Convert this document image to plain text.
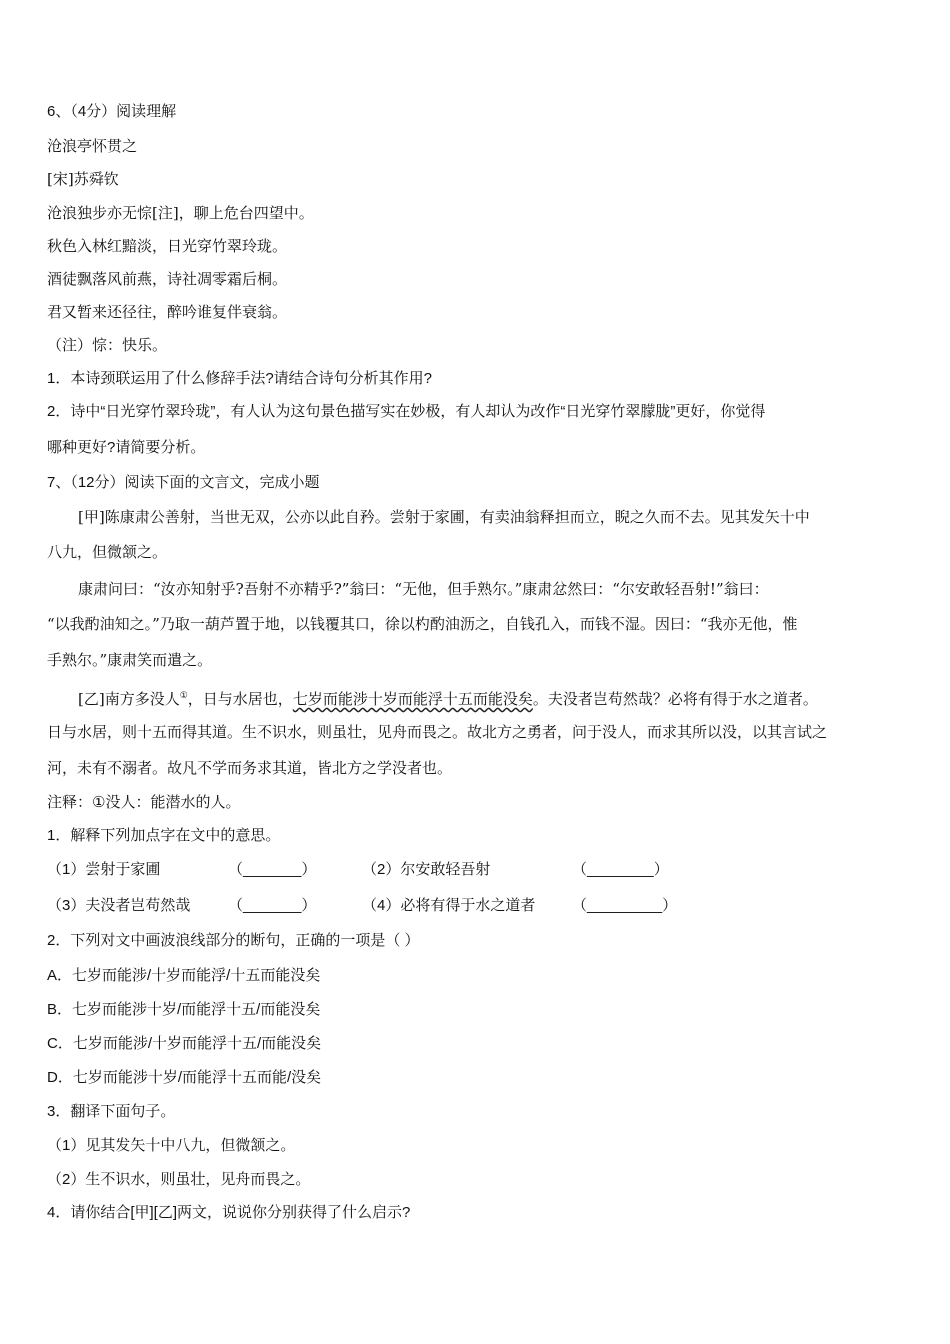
6、（4分）阅读理解
沧浪亭怀贯之
[宋]苏舜钦
沧浪独步亦无悰[注]，聊上危台四望中。
秋色入林红黯淡，日光穿竹翠玲珑。
酒徒飘落风前燕，诗社凋零霜后桐。
君又暂来还径往，醉吟谁复伴衰翁。
（注）悰：快乐。
1．本诗颈联运用了什么修辞手法?请结合诗句分析其作用?
2．诗中“日光穿竹翠玲珑”，有人认为这句景色描写实在妙极，有人却认为改作“日光穿竹翠朦胧”更好，你觉得
哪种更好?请简要分析。
7、（12分）阅读下面的文言文，完成小题
[甲]陈康肃公善射，当世无双，公亦以此自矜。尝射于家圃，有卖油翁释担而立，睨之久而不去。见其发矢十中
八九，但微颔之。
康肃问曰：“汝亦知射乎?吾射不亦精乎?”翁曰：“无他，但手熟尔。”康肃忿然曰：“尔安敢轻吾射!”翁曰：
“以我酌油知之。”乃取一葫芦置于地，以钱覆其口，徐以杓酌油沥之，自钱孔入，而钱不湿。因曰：“我亦无他，惟
手熟尔。”康肃笑而遣之。
[乙]南方多没人①，日与水居也，七岁而能涉十岁而能浮十五而能没矣。夫没者岂苟然哉？必将有得于水之道者。
日与水居，则十五而得其道。生不识水，则虽壮，见舟而畏之。故北方之勇者，问于没人，而求其所以没，以其言试之
河，未有不溺者。故凡不学而务求其道，皆北方之学没者也。
注释：①没人：能潜水的人。
1．解释下列加点字在文中的意思。
（1）尝射于家圃	（_______）	（2）尔安敢轻吾射	（________）
（3）夫没者岂苟然哉	（_______）	（4）必将有得于水之道者 （_________）
2．下列对文中画波浪线部分的断句，正确的一项是（ ）
A．七岁而能涉/十岁而能浮/十五而能没矣
B．七岁而能涉十岁/而能浮十五/而能没矣
C．七岁而能涉/十岁而能浮十五/而能没矣
D．七岁而能涉十岁/而能浮十五而能/没矣
3．翻译下面句子。
（1）见其发矢十中八九，但微颔之。
（2）生不识水，则虽壮，见舟而畏之。
4．请你结合[甲][乙]两文，说说你分别获得了什么启示?
